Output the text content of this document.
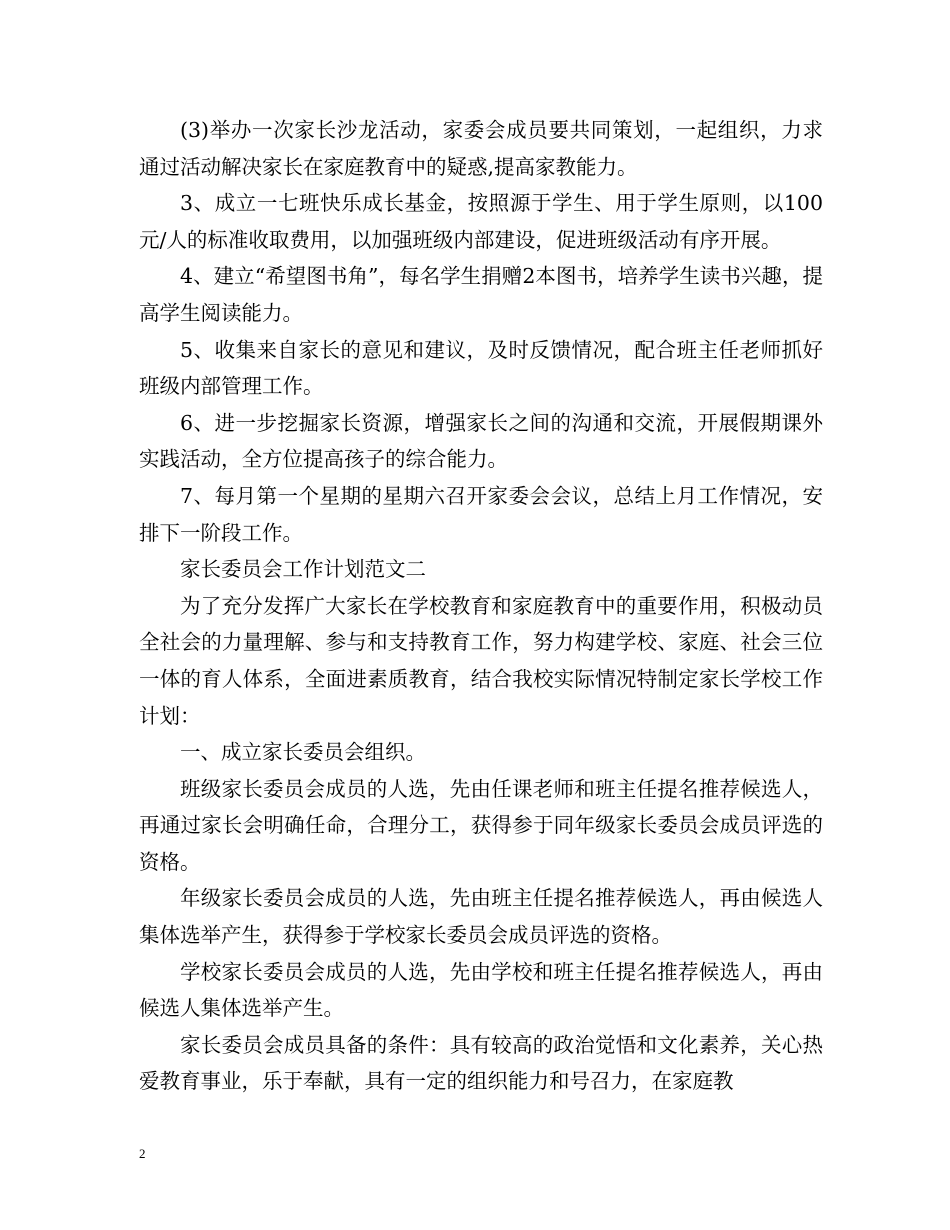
(3)举办一次家长沙龙活动，家委会成员要共同策划，一起组织，力求通过活动解决家长在家庭教育中的疑惑,提高家教能力。

3、成立一七班快乐成长基金，按照源于学生、用于学生原则，以100元/人的标准收取费用，以加强班级内部建设，促进班级活动有序开展。

4、建立“希望图书角”，每名学生捐赠2本图书，培养学生读书兴趣，提高学生阅读能力。

5、收集来自家长的意见和建议，及时反馈情况，配合班主任老师抓好班级内部管理工作。

6、进一步挖掘家长资源，增强家长之间的沟通和交流，开展假期课外实践活动，全方位提高孩子的综合能力。

7、每月第一个星期的星期六召开家委会会议，总结上月工作情况，安排下一阶段工作。

家长委员会工作计划范文二

为了充分发挥广大家长在学校教育和家庭教育中的重要作用，积极动员全社会的力量理解、参与和支持教育工作，努力构建学校、家庭、社会三位一体的育人体系，全面进素质教育，结合我校实际情况特制定家长学校工作计划：

一、成立家长委员会组织。

班级家长委员会成员的人选，先由任课老师和班主任提名推荐候选人，再通过家长会明确任命，合理分工，获得参于同年级家长委员会成员评选的资格。

年级家长委员会成员的人选，先由班主任提名推荐候选人，再由候选人集体选举产生，获得参于学校家长委员会成员评选的资格。

学校家长委员会成员的人选，先由学校和班主任提名推荐候选人，再由候选人集体选举产生。

家长委员会成员具备的条件：具有较高的政治觉悟和文化素养，关心热爱教育事业，乐于奉献，具有一定的组织能力和号召力，在家庭教

2
